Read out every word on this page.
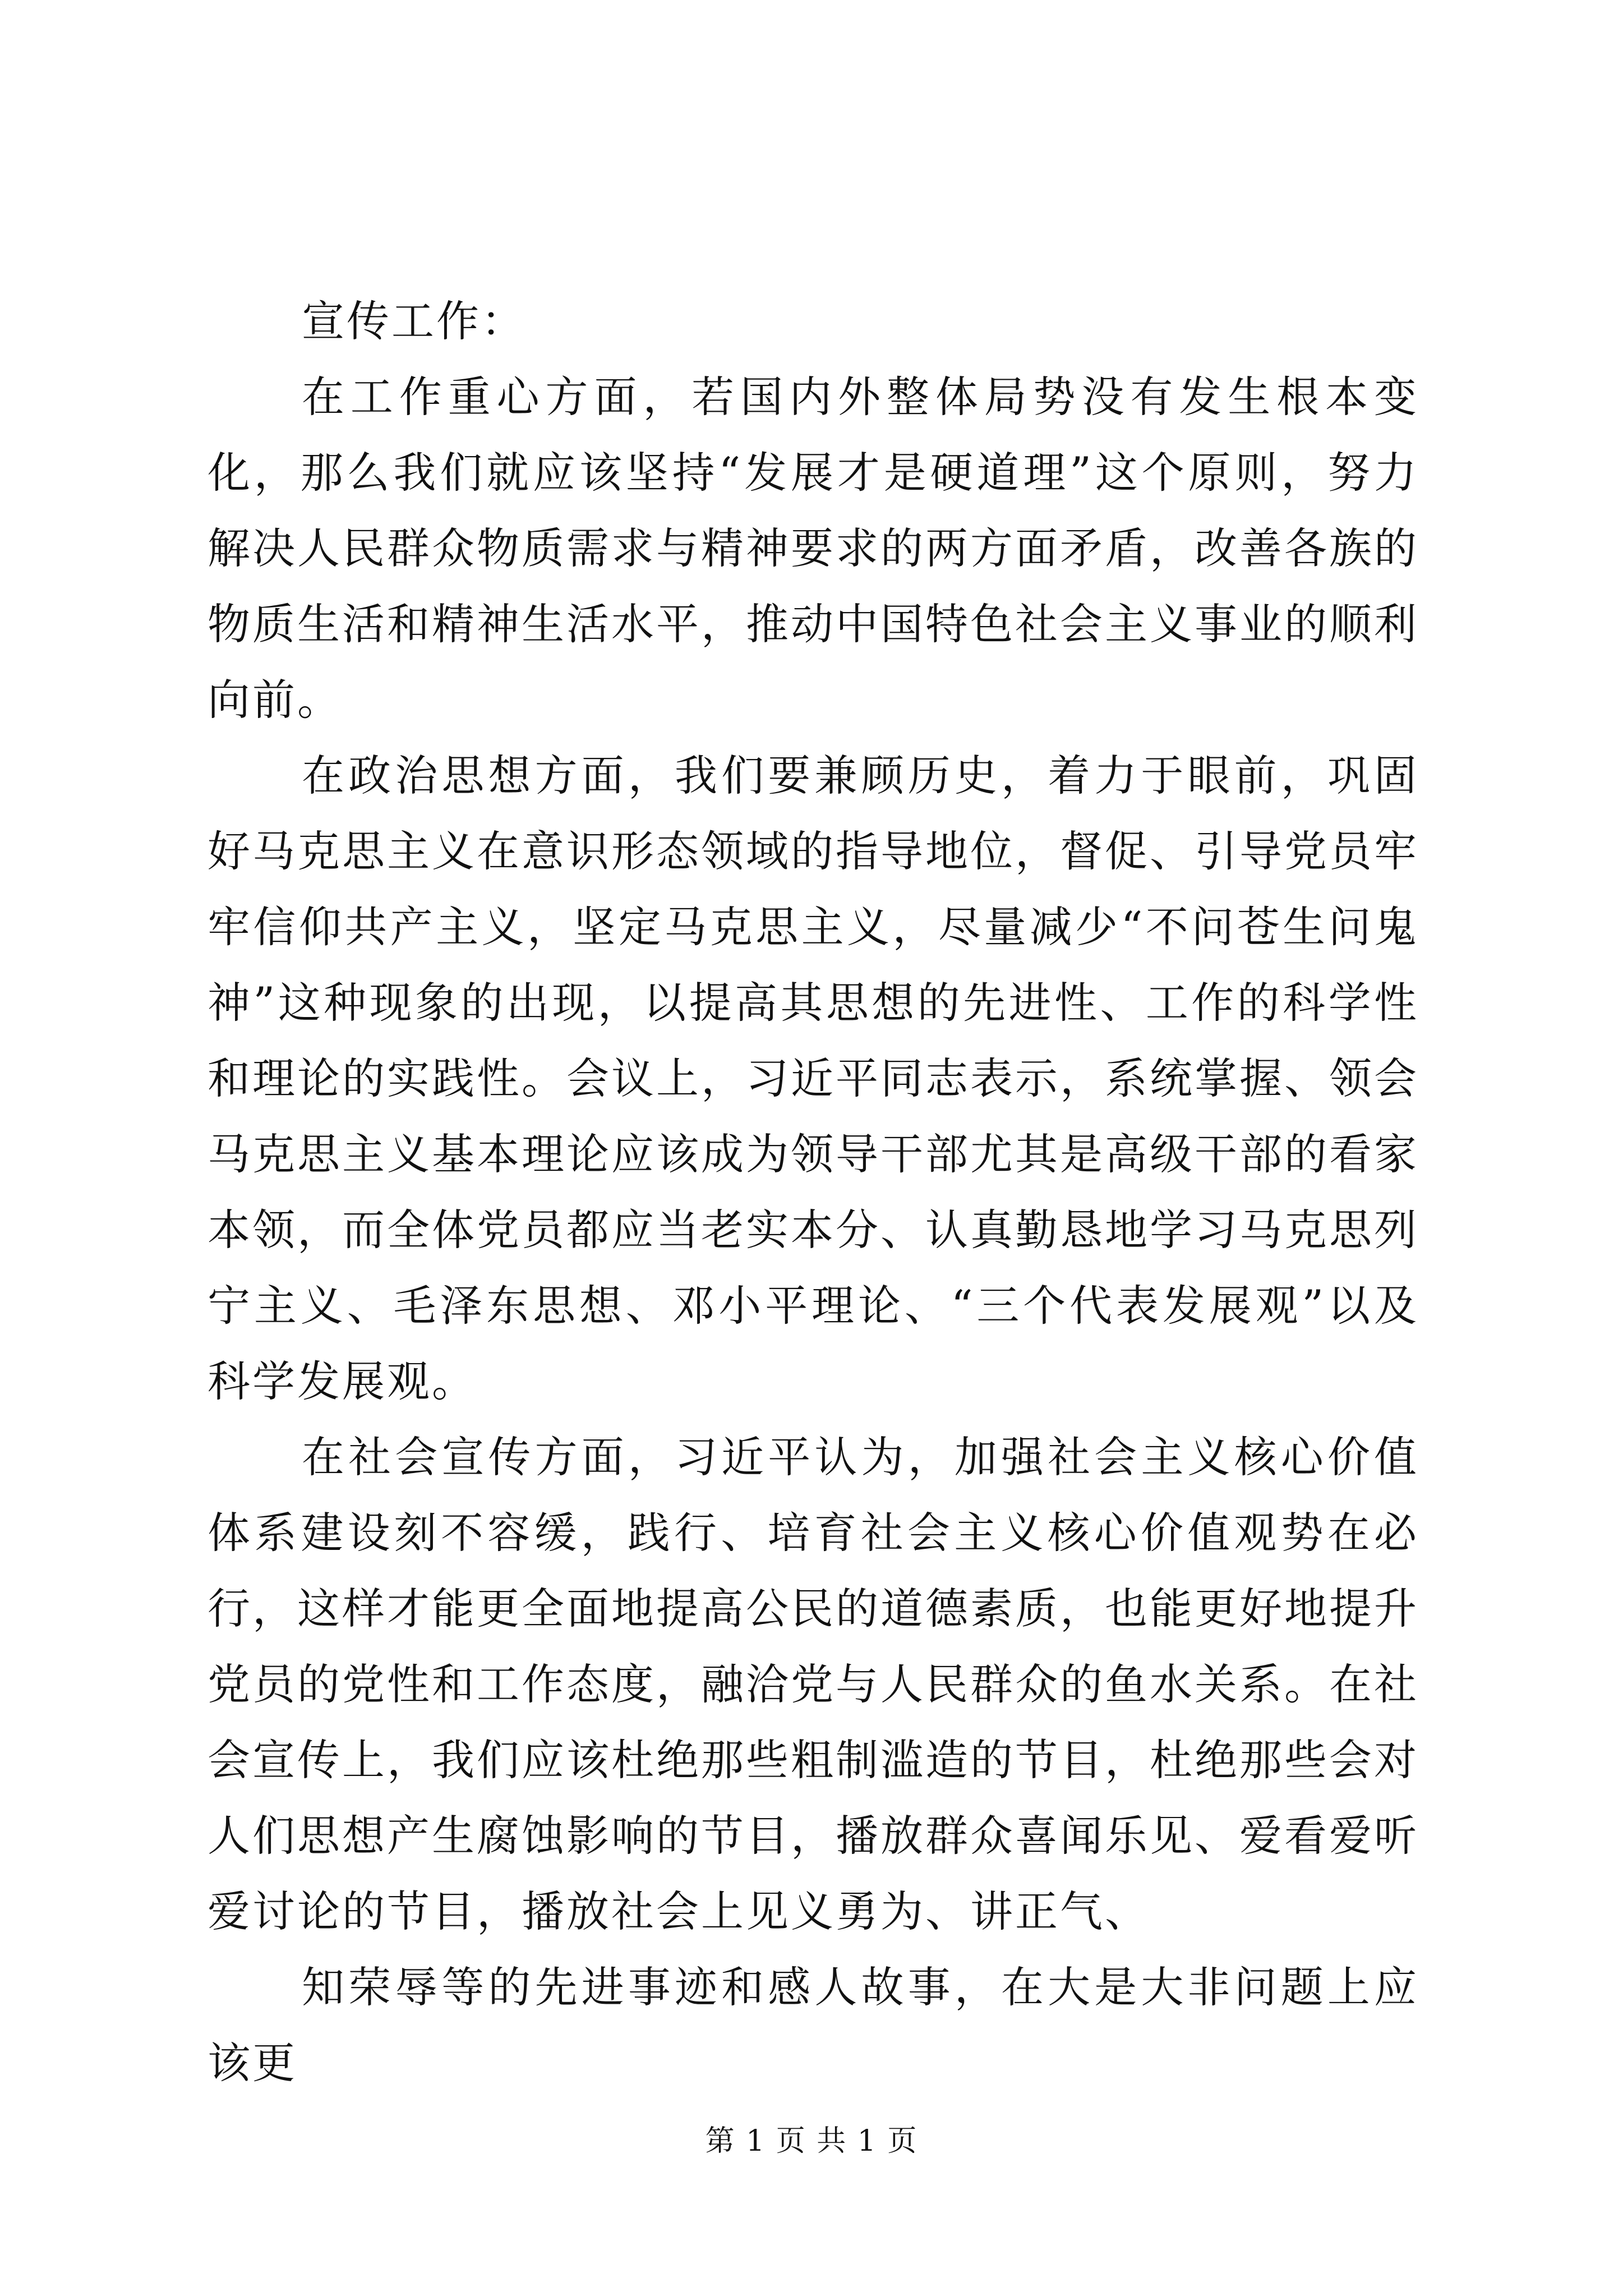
宣传工作：

在工作重心方面，若国内外整体局势没有发生根本变化，那么我们就应该坚持“发展才是硬道理”这个原则，努力解决人民群众物质需求与精神要求的两方面矛盾，改善各族的物质生活和精神生活水平，推动中国特色社会主义事业的顺利向前。

在政治思想方面，我们要兼顾历史，着力于眼前，巩固好马克思主义在意识形态领域的指导地位，督促、引导党员牢牢信仰共产主义，坚定马克思主义，尽量减少“不问苍生问鬼神”这种现象的出现，以提高其思想的先进性、工作的科学性和理论的实践性。会议上，习近平同志表示，系统掌握、领会马克思主义基本理论应该成为领导干部尤其是高级干部的看家本领，而全体党员都应当老实本分、认真勤恳地学习马克思列宁主义、毛泽东思想、邓小平理论、“三个代表发展观”以及科学发展观。

在社会宣传方面，习近平认为，加强社会主义核心价值体系建设刻不容缓，践行、培育社会主义核心价值观势在必行，这样才能更全面地提高公民的道德素质，也能更好地提升党员的党性和工作态度，融洽党与人民群众的鱼水关系。在社会宣传上，我们应该杜绝那些粗制滥造的节目，杜绝那些会对人们思想产生腐蚀影响的节目，播放群众喜闻乐见、爱看爱听爱讨论的节目，播放社会上见义勇为、讲正气、

知荣辱等的先进事迹和感人故事，在大是大非问题上应该更

第 1 页 共 1 页
